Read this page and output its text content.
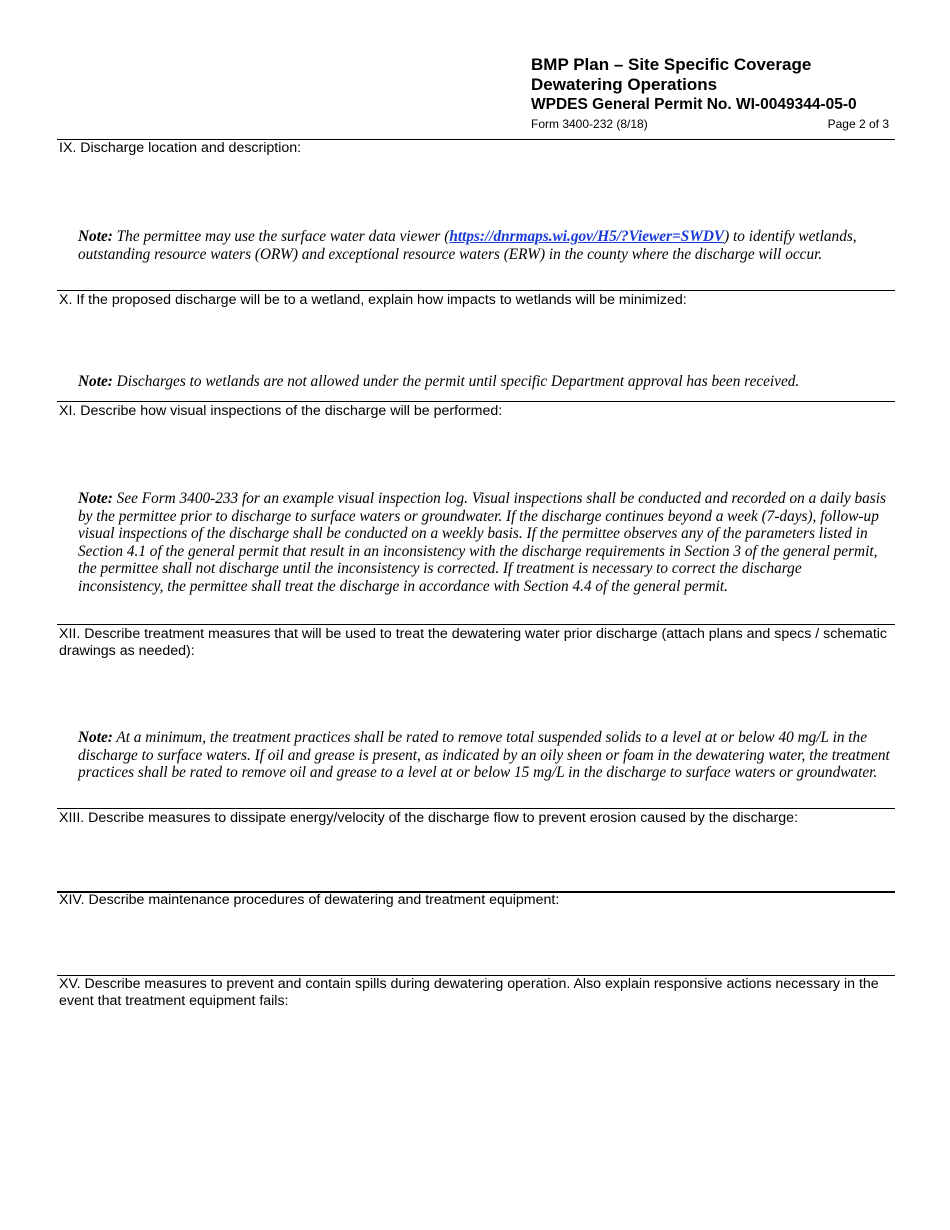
BMP Plan – Site Specific Coverage
Dewatering Operations
WPDES General Permit No. WI-0049344-05-0
Form 3400-232 (8/18)	Page 2 of 3
IX. Discharge location and description:
Note: The permittee may use the surface water data viewer (https://dnrmaps.wi.gov/H5/?Viewer=SWDV) to identify wetlands, outstanding resource waters (ORW) and exceptional resource waters (ERW) in the county where the discharge will occur.
X. If the proposed discharge will be to a wetland, explain how impacts to wetlands will be minimized:
Note: Discharges to wetlands are not allowed under the permit until specific Department approval has been received.
XI. Describe how visual inspections of the discharge will be performed:
Note: See Form 3400-233 for an example visual inspection log. Visual inspections shall be conducted and recorded on a daily basis by the permittee prior to discharge to surface waters or groundwater. If the discharge continues beyond a week (7-days), follow-up visual inspections of the discharge shall be conducted on a weekly basis. If the permittee observes any of the parameters listed in Section 4.1 of the general permit that result in an inconsistency with the discharge requirements in Section 3 of the general permit, the permittee shall not discharge until the inconsistency is corrected. If treatment is necessary to correct the discharge inconsistency, the permittee shall treat the discharge in accordance with Section 4.4 of the general permit.
XII. Describe treatment measures that will be used to treat the dewatering water prior discharge (attach plans and specs / schematic drawings as needed):
Note: At a minimum, the treatment practices shall be rated to remove total suspended solids to a level at or below 40 mg/L in the discharge to surface waters. If oil and grease is present, as indicated by an oily sheen or foam in the dewatering water, the treatment practices shall be rated to remove oil and grease to a level at or below 15 mg/L in the discharge to surface waters or groundwater.
XIII. Describe measures to dissipate energy/velocity of the discharge flow to prevent erosion caused by the discharge:
XIV. Describe maintenance procedures of dewatering and treatment equipment:
XV. Describe measures to prevent and contain spills during dewatering operation. Also explain responsive actions necessary in the event that treatment equipment fails:
